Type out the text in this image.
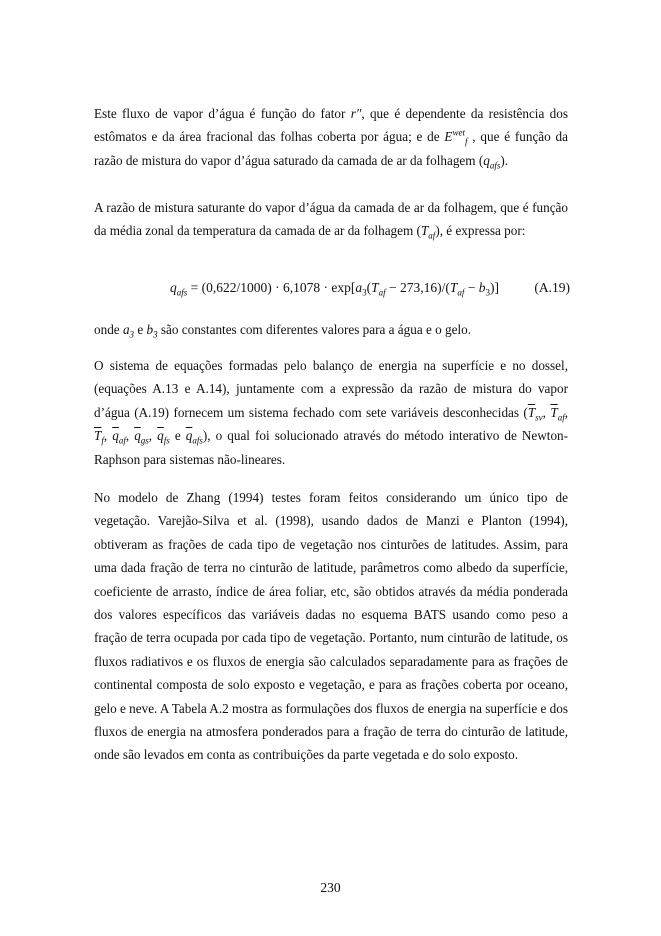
Este fluxo de vapor d’água é função do fator r″, que é dependente da resistência dos estômatos e da área fracional das folhas coberta por água; e de $E^{wet}_f$ , que é função da razão de mistura do vapor d’água saturado da camada de ar da folhagem $(q_{afs})$.

A razão de mistura saturante do vapor d’água da camada de ar da folhagem, que é função da média zonal da temperatura da camada de ar da folhagem $(T_{af})$, é expressa por:

$q_{afs} = (0,622/1000) \cdot 6,1078 \cdot \exp[a_3(T_{af} - 273,16)/(T_{af} - b_3)]$	(A.19)

onde $a_3$ e $b_3$ são constantes com diferentes valores para a água e o gelo.

O sistema de equações formadas pelo balanço de energia na superfície e no dossel, (equações A.13 e A.14), juntamente com a expressão da razão de mistura do vapor d’água (A.19) fornecem um sistema fechado com sete variáveis desconhecidas ($\overline{T}_{sv}$, $\overline{T}_{af}$, $\overline{T}_f$, $\overline{q}_{af}$, $\overline{q}_{gs}$, $\overline{q}_{fs}$ e $\overline{q}_{afs}$), o qual foi solucionado através do método interativo de Newton-Raphson para sistemas não-lineares.

No modelo de Zhang (1994) testes foram feitos considerando um único tipo de vegetação. Varejão-Silva et al. (1998), usando dados de Manzi e Planton (1994), obtiveram as frações de cada tipo de vegetação nos cinturões de latitudes. Assim, para uma dada fração de terra no cinturão de latitude, parâmetros como albedo da superfície, coeficiente de arrasto, índice de área foliar, etc, são obtidos através da média ponderada dos valores específicos das variáveis dadas no esquema BATS usando como peso a fração de terra ocupada por cada tipo de vegetação. Portanto, num cinturão de latitude, os fluxos radiativos e os fluxos de energia são calculados separadamente para as frações de continental composta de solo exposto e vegetação, e para as frações coberta por oceano, gelo e neve. A Tabela A.2 mostra as formulações dos fluxos de energia na superfície e dos fluxos de energia na atmosfera ponderados para a fração de terra do cinturão de latitude, onde são levados em conta as contribuições da parte vegetada e do solo exposto.

230
